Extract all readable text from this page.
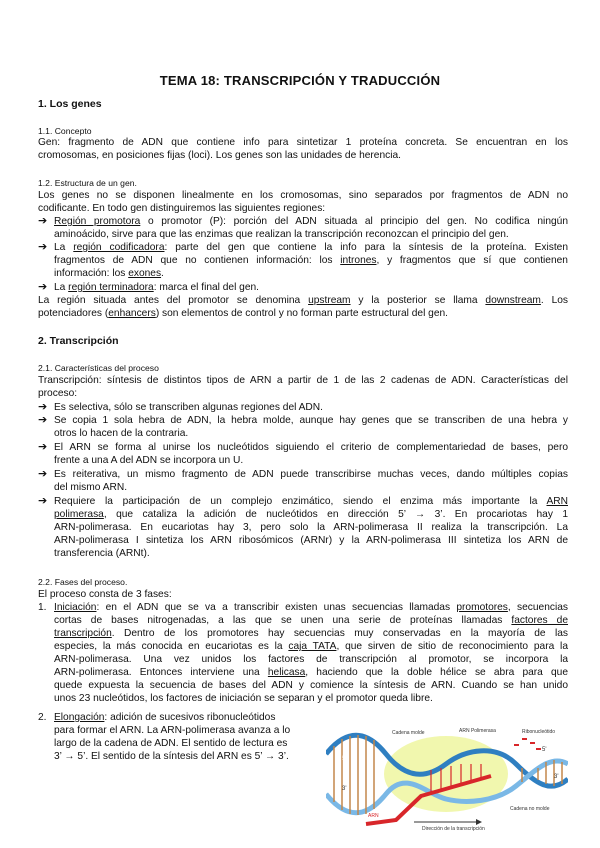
TEMA 18: TRANSCRIPCIÓN Y TRADUCCIÓN
1. Los genes
1.1. Concepto
Gen: fragmento de ADN que contiene info para sintetizar 1 proteína concreta. Se encuentran en los
cromosomas, en posiciones fijas (loci). Los genes son las unidades de herencia.
1.2. Estructura de un gen.
Los genes no se disponen linealmente en los cromosomas, sino separados por fragmentos de ADN no
codificante. En todo gen distinguiremos las siguientes regiones:
➔ Región promotora o promotor (P): porción del ADN situada al principio del gen. No codifica ningún
aminoácido, sirve para que las enzimas que realizan la transcripción reconozcan el principio del gen.
➔ La región codificadora: parte del gen que contiene la info para la síntesis de la proteína. Existen
fragmentos de ADN que no contienen información: los intrones, y fragmentos que sí que contienen
información: los exones.
➔ La región terminadora: marca el final del gen.
La región situada antes del promotor se denomina upstream y la posterior se llama downstream. Los
potenciadores (enhancers) son elementos de control y no forman parte estructural del gen.
2. Transcripción
2.1. Características del proceso
Transcripción: síntesis de distintos tipos de ARN a partir de 1 de las 2 cadenas de ADN. Características del
proceso:
➔ Es selectiva, sólo se transcriben algunas regiones del ADN.
➔ Se copia 1 sola hebra de ADN, la hebra molde, aunque hay genes que se transcriben de una hebra y
otros lo hacen de la contraria.
➔ El ARN se forma al unirse los nucleótidos siguiendo el criterio de complementariedad de bases, pero
frente a una A del ADN se incorpora un U.
➔ Es reiterativa, un mismo fragmento de ADN puede transcribirse muchas veces, dando múltiples copias
del mismo ARN.
➔ Requiere la participación de un complejo enzimático, siendo el enzima más importante la ARN
polimerasa, que cataliza la adición de nucleótidos en dirección 5’ → 3’. En procariotas hay 1
ARN-polimerasa. En eucariotas hay 3, pero solo la ARN-polimerasa II realiza la transcripción. La
ARN-polimerasa I sintetiza los ARN ribosómicos (ARNr) y la ARN-polimerasa III sintetiza los ARN de
transferencia (ARNt).
2.2. Fases del proceso.
El proceso consta de 3 fases:
1. Iniciación: en el ADN que se va a transcribir existen unas secuencias llamadas promotores, secuencias
cortas de bases nitrogenadas, a las que se unen una serie de proteínas llamadas factores de
transcripción. Dentro de los promotores hay secuencias muy conservadas en la mayoría de las
especies, la más conocida en eucariotas es la caja TATA, que sirven de sitio de reconocimiento para la
ARN-polimerasa. Una vez unidos los factores de transcripción al promotor, se incorpora la
ARN-polimerasa. Entonces interviene una helicasa, haciendo que la doble hélice se abra para que
quede expuesta la secuencia de bases del ADN y comience la síntesis de ARN. Cuando se han unido
unos 23 nucleótidos, los factores de iniciación se separan y el promotor queda libre.
2. Elongación: adición de sucesivos ribonucleótidos
para formar el ARN. La ARN-polimerasa avanza a lo
largo de la cadena de ADN. El sentido de lectura es
3’ → 5’. El sentido de la síntesis del ARN es 5’ → 3’.
Cadena molde	ARN Polimerasa	Ribonucleótido
5'
5'
3'
3'
ARN
Cadena no molde
Dirección de la transcripción
